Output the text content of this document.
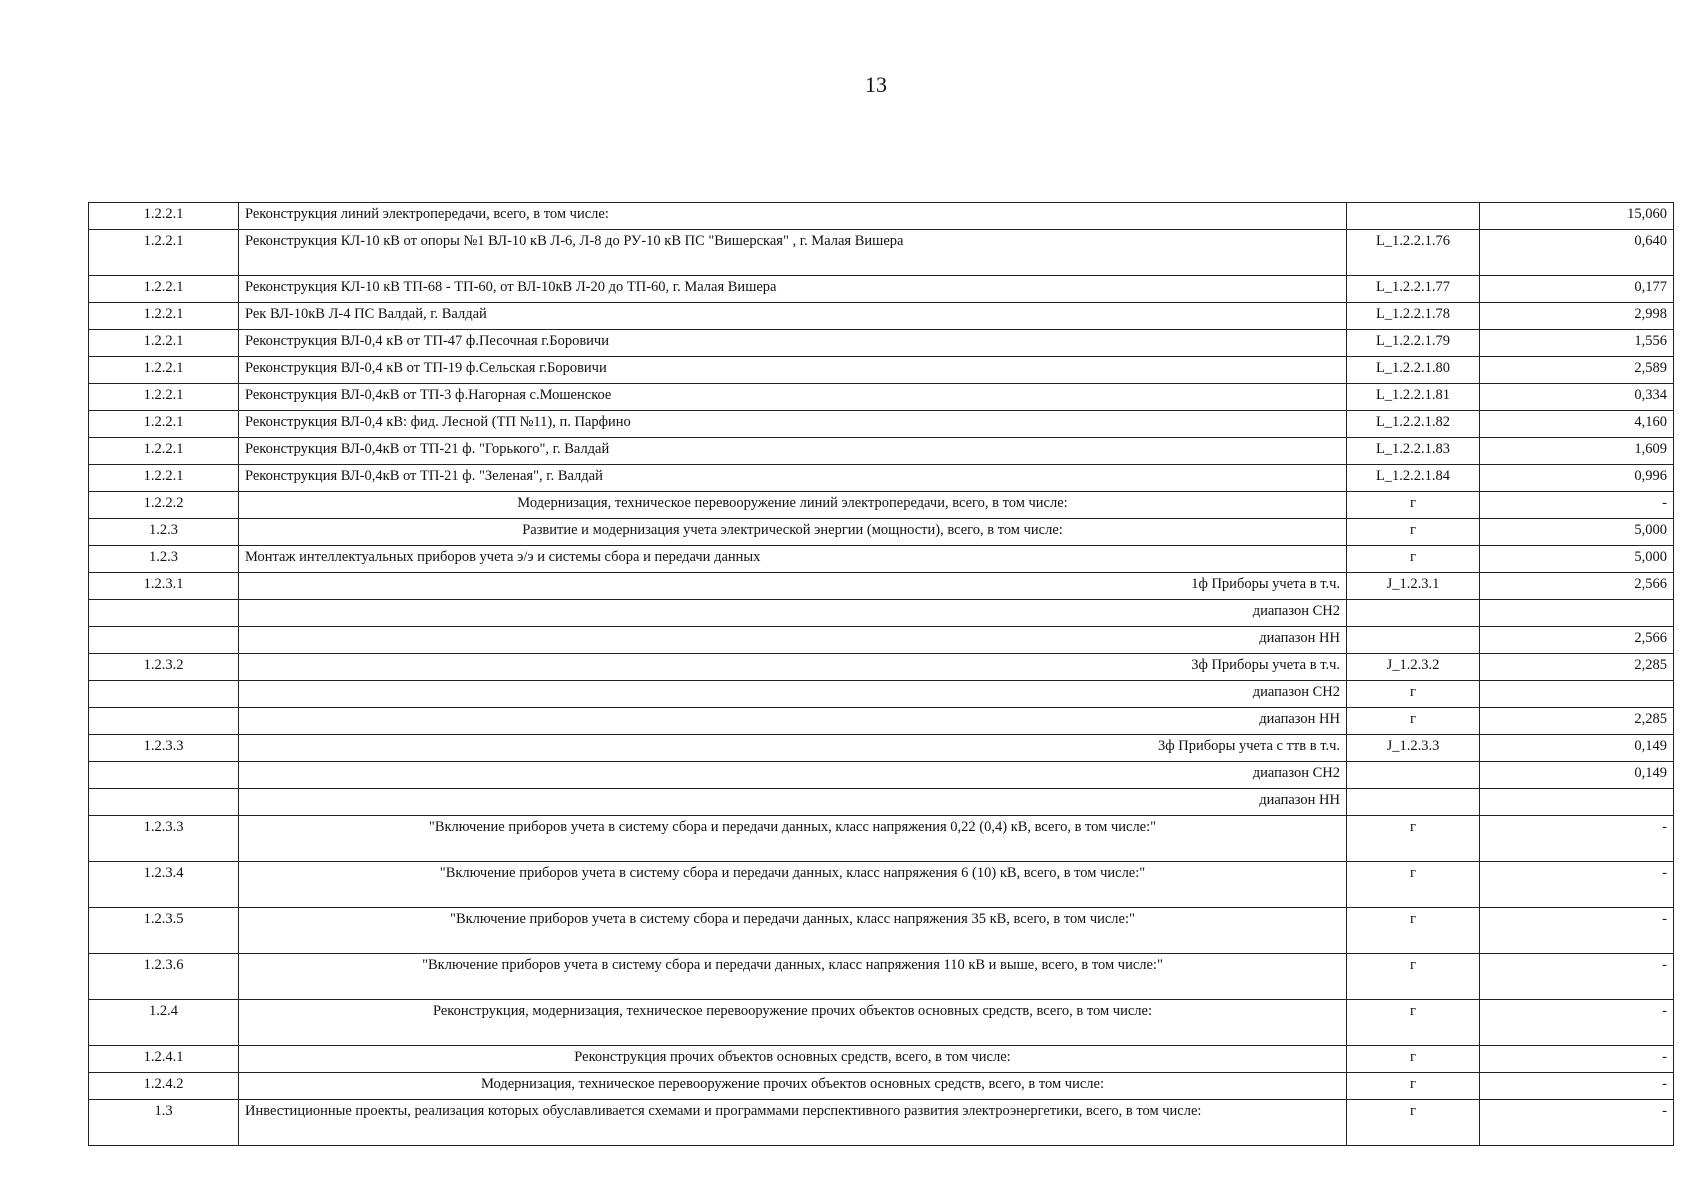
13
1.2.2.1	Реконструкция линий электропередачи, всего, в том числе:		15,060
1.2.2.1	Реконструкция КЛ-10 кВ от опоры №1 ВЛ-10 кВ Л-6, Л-8 до РУ-10 кВ ПС "Вишерская" , г. Малая Вишера	L_1.2.2.1.76	0,640
1.2.2.1	Реконструкция КЛ-10 кВ ТП-68 - ТП-60, от ВЛ-10кВ Л-20 до ТП-60, г. Малая Вишера	L_1.2.2.1.77	0,177
1.2.2.1	Рек ВЛ-10кВ Л-4 ПС Валдай, г. Валдай	L_1.2.2.1.78	2,998
1.2.2.1	Реконструкция ВЛ-0,4 кВ от ТП-47 ф.Песочная г.Боровичи	L_1.2.2.1.79	1,556
1.2.2.1	Реконструкция ВЛ-0,4 кВ от ТП-19 ф.Сельская г.Боровичи	L_1.2.2.1.80	2,589
1.2.2.1	Реконструкция ВЛ-0,4кВ от ТП-3 ф.Нагорная с.Мошенское	L_1.2.2.1.81	0,334
1.2.2.1	Реконструкция ВЛ-0,4 кВ: фид. Лесной (ТП №11), п. Парфино	L_1.2.2.1.82	4,160
1.2.2.1	Реконструкция ВЛ-0,4кВ от ТП-21 ф. "Горького", г. Валдай	L_1.2.2.1.83	1,609
1.2.2.1	Реконструкция ВЛ-0,4кВ от ТП-21 ф. "Зеленая", г. Валдай	L_1.2.2.1.84	0,996
1.2.2.2	Модернизация, техническое перевооружение линий электропередачи, всего, в том числе:	г	-
1.2.3	Развитие и модернизация учета электрической энергии (мощности), всего, в том числе:	г	5,000
1.2.3	Монтаж интеллектуальных приборов учета э/э и системы сбора и передачи данных	г	5,000
1.2.3.1	1ф Приборы учета в т.ч.	J_1.2.3.1	2,566
	диапазон СН2		
	диапазон НН		2,566
1.2.3.2	3ф Приборы учета в т.ч.	J_1.2.3.2	2,285
	диапазон СН2	г	
	диапазон НН	г	2,285
1.2.3.3	3ф Приборы учета с ттв в т.ч.	J_1.2.3.3	0,149
	диапазон СН2		0,149
	диапазон НН		
1.2.3.3	"Включение приборов учета в систему сбора и передачи данных, класс напряжения 0,22 (0,4) кВ, всего, в том числе:"	г	-
1.2.3.4	"Включение приборов учета в систему сбора и передачи данных, класс напряжения 6 (10) кВ, всего, в том числе:"	г	-
1.2.3.5	"Включение приборов учета в систему сбора и передачи данных, класс напряжения 35 кВ, всего, в том числе:"	г	-
1.2.3.6	"Включение приборов учета в систему сбора и передачи данных, класс напряжения 110 кВ и выше, всего, в том числе:"	г	-
1.2.4	Реконструкция, модернизация, техническое перевооружение прочих объектов основных средств, всего, в том числе:	г	-
1.2.4.1	Реконструкция прочих объектов основных средств, всего, в том числе:	г	-
1.2.4.2	Модернизация, техническое перевооружение прочих объектов основных средств, всего, в том числе:	г	-
1.3	Инвестиционные проекты, реализация которых обуславливается схемами и программами перспективного развития электроэнергетики, всего, в том числе:	г	-
